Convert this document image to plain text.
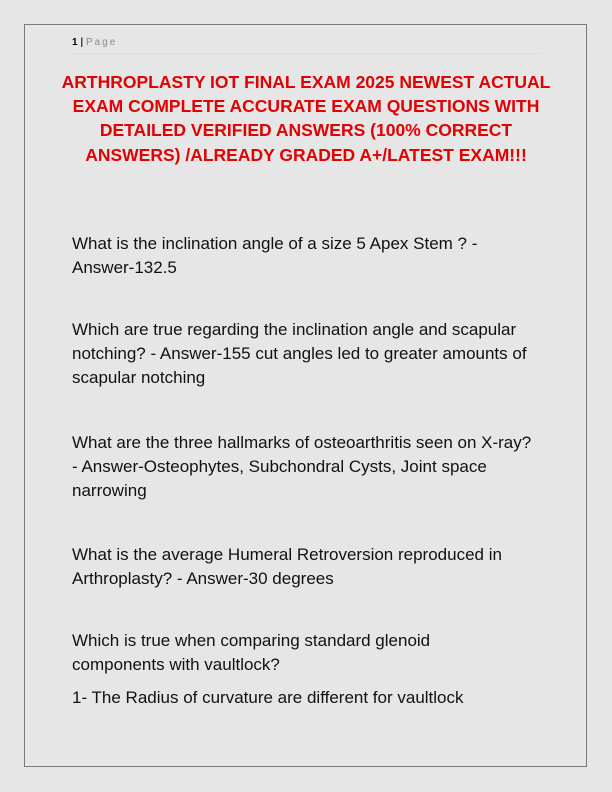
1 | Page
ARTHROPLASTY IOT FINAL EXAM 2025 NEWEST ACTUAL EXAM COMPLETE ACCURATE EXAM QUESTIONS WITH DETAILED VERIFIED ANSWERS (100% CORRECT ANSWERS) /ALREADY GRADED A+/LATEST EXAM!!!
What is the inclination angle of a size 5 Apex Stem ? - Answer-132.5
Which are true regarding the inclination angle and scapular notching? - Answer-155 cut angles led to greater amounts of scapular notching
What are the three hallmarks of osteoarthritis seen on X-ray? - Answer-Osteophytes, Subchondral Cysts, Joint space narrowing
What is the average Humeral Retroversion reproduced in Arthroplasty? - Answer-30 degrees
Which is true when comparing standard glenoid components with vaultlock?
1- The Radius of curvature are different for vaultlock
